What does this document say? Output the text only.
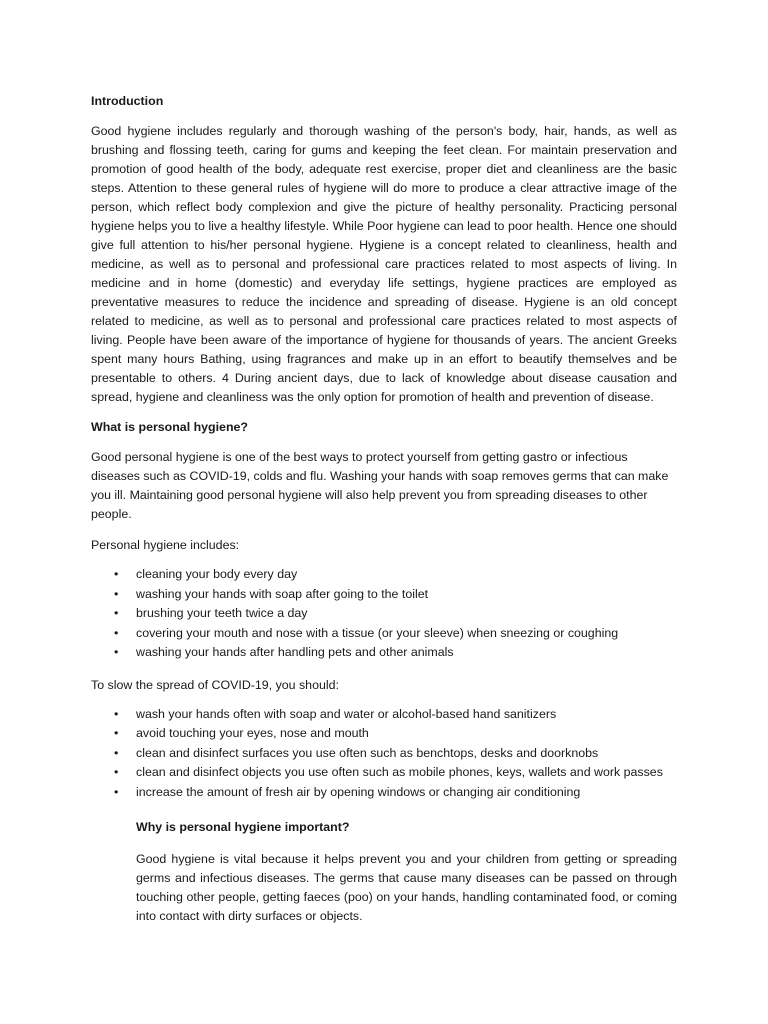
Introduction

Good hygiene includes regularly and thorough washing of the person's body, hair, hands, as well as brushing and flossing teeth, caring for gums and keeping the feet clean. For maintain preservation and promotion of good health of the body, adequate rest exercise, proper diet and cleanliness are the basic steps. Attention to these general rules of hygiene will do more to produce a clear attractive image of the person, which reflect body complexion and give the picture of healthy personality. Practicing personal hygiene helps you to live a healthy lifestyle. While Poor hygiene can lead to poor health. Hence one should give full attention to his/her personal hygiene. Hygiene is a concept related to cleanliness, health and medicine, as well as to personal and professional care practices related to most aspects of living. In medicine and in home (domestic) and everyday life settings, hygiene practices are employed as preventative measures to reduce the incidence and spreading of disease. Hygiene is an old concept related to medicine, as well as to personal and professional care practices related to most aspects of living. People have been aware of the importance of hygiene for thousands of years. The ancient Greeks spent many hours Bathing, using fragrances and make up in an effort to beautify themselves and be presentable to others. 4 During ancient days, due to lack of knowledge about disease causation and spread, hygiene and cleanliness was the only option for promotion of health and prevention of disease.

What is personal hygiene?

Good personal hygiene is one of the best ways to protect yourself from getting gastro or infectious diseases such as COVID-19, colds and flu. Washing your hands with soap removes germs that can make you ill. Maintaining good personal hygiene will also help prevent you from spreading diseases to other people.

Personal hygiene includes:

• cleaning your body every day
• washing your hands with soap after going to the toilet
• brushing your teeth twice a day
• covering your mouth and nose with a tissue (or your sleeve) when sneezing or coughing
• washing your hands after handling pets and other animals

To slow the spread of COVID-19, you should:

• wash your hands often with soap and water or alcohol-based hand sanitizers
• avoid touching your eyes, nose and mouth
• clean and disinfect surfaces you use often such as benchtops, desks and doorknobs
• clean and disinfect objects you use often such as mobile phones, keys, wallets and work passes
• increase the amount of fresh air by opening windows or changing air conditioning
Why is personal hygiene important?

Good hygiene is vital because it helps prevent you and your children from getting or spreading germs and infectious diseases. The germs that cause many diseases can be passed on through touching other people, getting faeces (poo) on your hands, handling contaminated food, or coming into contact with dirty surfaces or objects.
